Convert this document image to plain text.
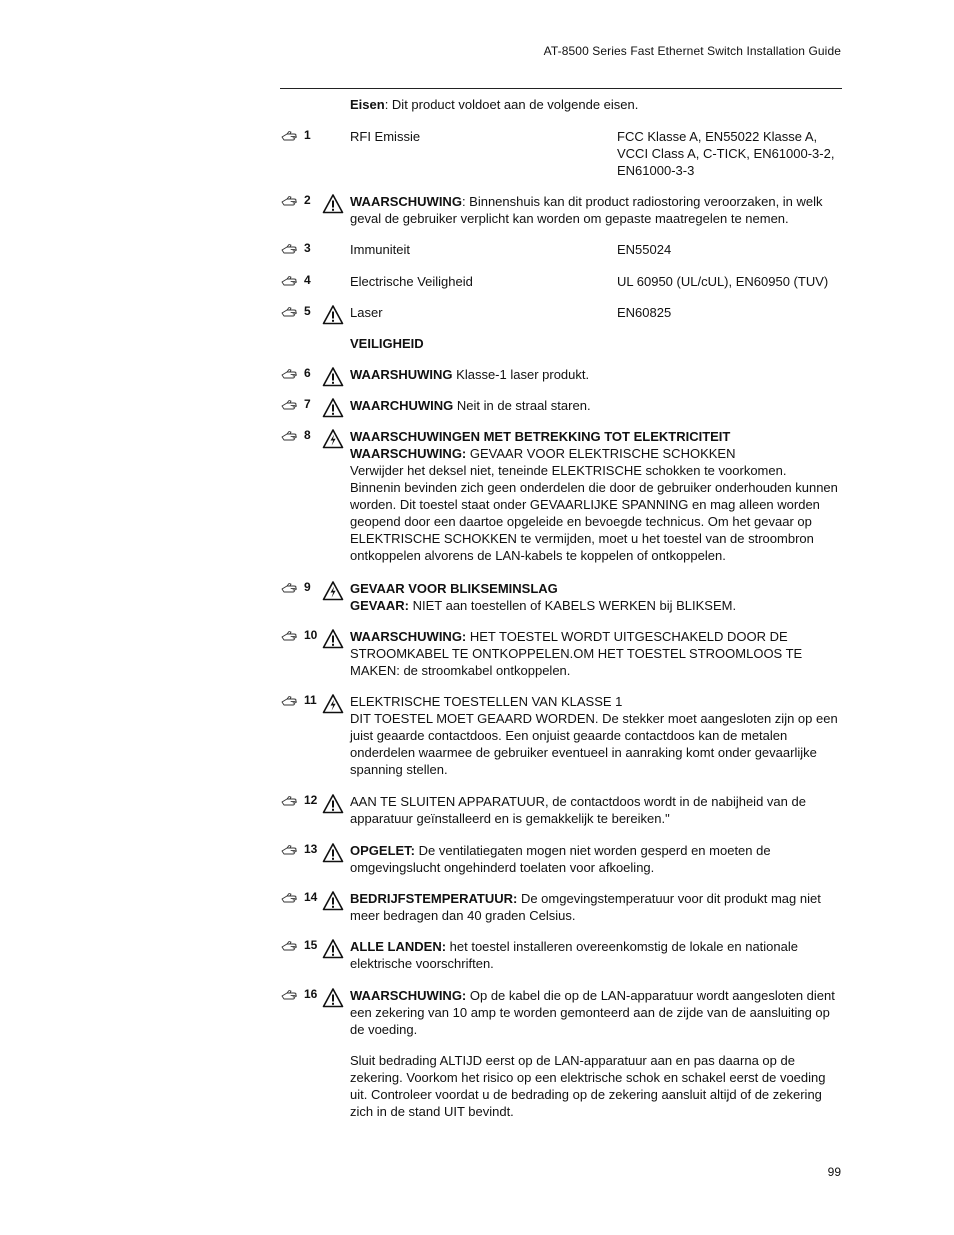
AT-8500 Series Fast Ethernet Switch Installation Guide
Eisen: Dit product voldoet aan de volgende eisen.
1	RFI Emissie	FCC Klasse A, EN55022 Klasse A, VCCI Class A, C-TICK, EN61000-3-2, EN61000-3-3
2	WAARSCHUWING: Binnenshuis kan dit product radiostoring veroorzaken, in welk geval de gebruiker verplicht kan worden om gepaste maatregelen te nemen.
3	Immuniteit	EN55024
4	Electrische Veiligheid	UL 60950 (UL/cUL), EN60950 (TUV)
5	Laser	EN60825
VEILIGHEID
6	WAARSHUWING Klasse-1 laser produkt.
7	WAARCHUWING Neit in de straal staren.
8	WAARSCHUWINGEN MET BETREKKING TOT ELEKTRICITEIT
WAARSCHUWING: GEVAAR VOOR ELEKTRISCHE SCHOKKEN
Verwijder het deksel niet, teneinde ELEKTRISCHE schokken te voorkomen. Binnenin bevinden zich geen onderdelen die door de gebruiker onderhouden kunnen worden. Dit toestel staat onder GEVAARLIJKE SPANNING en mag alleen worden geopend door een daartoe opgeleide en bevoegde technicus. Om het gevaar op ELEKTRISCHE SCHOKKEN te vermijden, moet u het toestel van de stroombron ontkoppelen alvorens de LAN-kabels te koppelen of ontkoppelen.
9	GEVAAR VOOR BLIKSEMINSLAG
GEVAAR: NIET aan toestellen of KABELS WERKEN bij BLIKSEM.
10	WAARSCHUWING: HET TOESTEL WORDT UITGESCHAKELD DOOR DE STROOMKABEL TE ONTKOPPELEN.OM HET TOESTEL STROOMLOOS TE MAKEN: de stroomkabel ontkoppelen.
11	ELEKTRISCHE TOESTELLEN VAN KLASSE 1
DIT TOESTEL MOET GEAARD WORDEN. De stekker moet aangesloten zijn op een juist geaarde contactdoos. Een onjuist geaarde contactdoos kan de metalen onderdelen waarmee de gebruiker eventueel in aanraking komt onder gevaarlijke spanning stellen.
12	AAN TE SLUITEN APPARATUUR, de contactdoos wordt in de nabijheid van de apparatuur geïnstalleerd en is gemakkelijk te bereiken."
13	OPGELET: De ventilatiegaten mogen niet worden gesperd en moeten de omgevingslucht ongehinderd toelaten voor afkoeling.
14	BEDRIJFSTEMPERATUUR: De omgevingstemperatuur voor dit produkt mag niet meer bedragen dan 40 graden Celsius.
15	ALLE LANDEN: het toestel installeren overeenkomstig de lokale en nationale elektrische voorschriften.
16	WAARSCHUWING: Op de kabel die op de LAN-apparatuur wordt aangesloten dient een zekering van 10 amp te worden gemonteerd aan de zijde van de aansluiting op de voeding.
Sluit bedrading ALTIJD eerst op de LAN-apparatuur aan en pas daarna op de zekering. Voorkom het risico op een elektrische schok en schakel eerst de voeding uit. Controleer voordat u de bedrading op de zekering aansluit altijd of de zekering zich in de stand UIT bevindt.
99
